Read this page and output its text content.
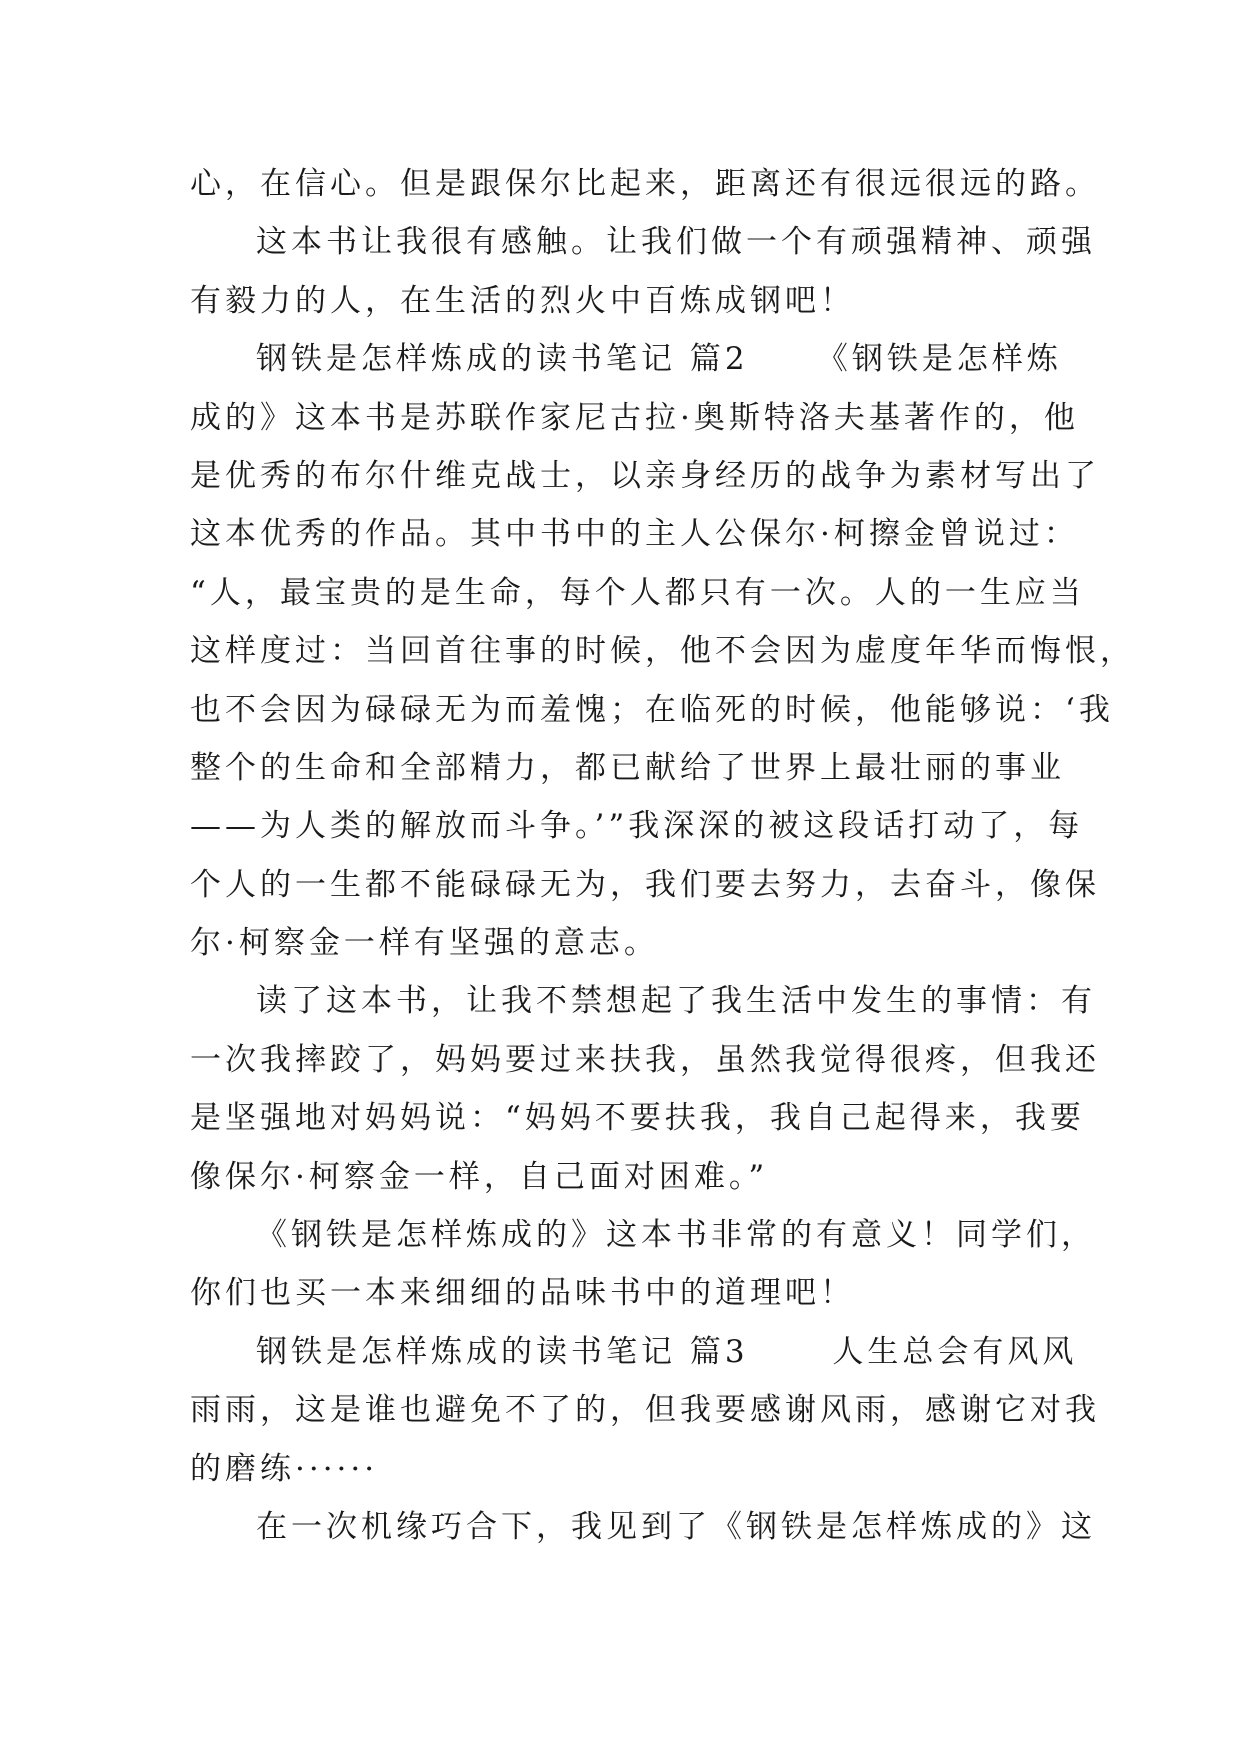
心，在信心。但是跟保尔比起来，距离还有很远很远的路。
这本书让我很有感触。让我们做一个有顽强精神、顽强
有毅力的人，在生活的烈火中百炼成钢吧！
钢铁是怎样炼成的读书笔记 篇2 　　《钢铁是怎样炼
成的》这本书是苏联作家尼古拉·奥斯特洛夫基著作的，他
是优秀的布尔什维克战士，以亲身经历的战争为素材写出了
这本优秀的作品。其中书中的主人公保尔·柯擦金曾说过：
“人，最宝贵的是生命，每个人都只有一次。人的一生应当
这样度过：当回首往事的时候，他不会因为虚度年华而悔恨，
也不会因为碌碌无为而羞愧；在临死的时候，他能够说：‘我
整个的生命和全部精力，都已献给了世界上最壮丽的事业
——为人类的解放而斗争。’”我深深的被这段话打动了，每
个人的一生都不能碌碌无为，我们要去努力，去奋斗，像保
尔·柯察金一样有坚强的意志。
读了这本书，让我不禁想起了我生活中发生的事情：有
一次我摔跤了，妈妈要过来扶我，虽然我觉得很疼，但我还
是坚强地对妈妈说：“妈妈不要扶我，我自己起得来，我要
像保尔·柯察金一样，自己面对困难。”
《钢铁是怎样炼成的》这本书非常的有意义！同学们，
你们也买一本来细细的品味书中的道理吧！
钢铁是怎样炼成的读书笔记 篇3 　　人生总会有风风
雨雨，这是谁也避免不了的，但我要感谢风雨，感谢它对我
的磨练······
在一次机缘巧合下，我见到了《钢铁是怎样炼成的》这
